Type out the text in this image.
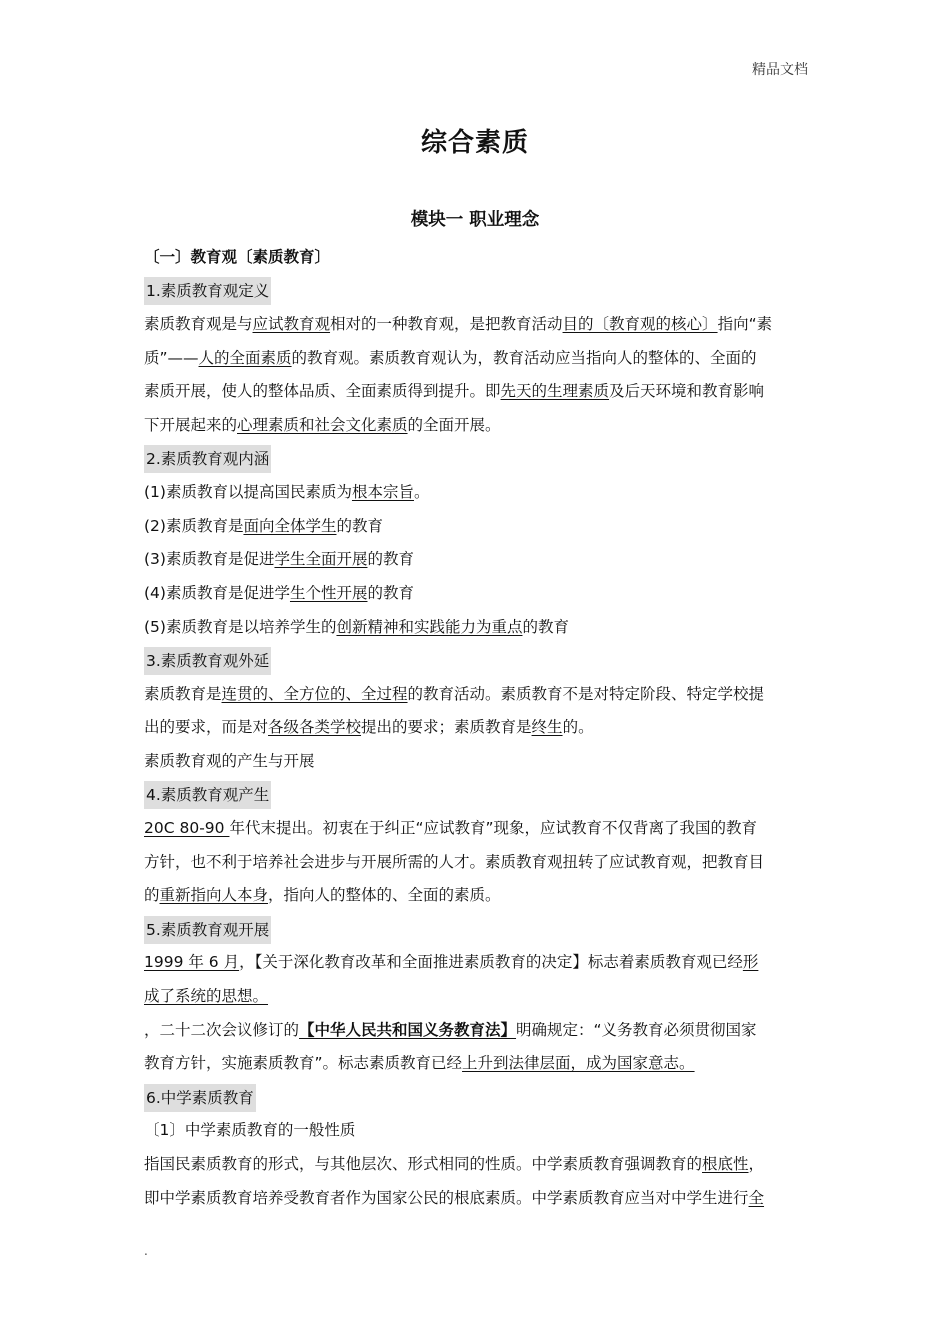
精品文档
综合素质
模块一 职业理念
〔一〕教育观〔素质教育〕
1.素质教育观定义
素质教育观是与应试教育观相对的一种教育观，是把教育活动目的〔教育观的核心〕指向“素
质”——人的全面素质的教育观。素质教育观认为，教育活动应当指向人的整体的、全面的
素质开展，使人的整体品质、全面素质得到提升。即先天的生理素质及后天环境和教育影响
下开展起来的心理素质和社会文化素质的全面开展。
2.素质教育观内涵
(1)素质教育以提高国民素质为根本宗旨。
(2)素质教育是面向全体学生的教育
(3)素质教育是促进学生全面开展的教育
(4)素质教育是促进学生个性开展的教育
(5)素质教育是以培养学生的创新精神和实践能力为重点的教育
3.素质教育观外延
素质教育是连贯的、全方位的、全过程的教育活动。素质教育不是对特定阶段、特定学校提
出的要求，而是对各级各类学校提出的要求；素质教育是终生的。
素质教育观的产生与开展
4.素质教育观产生
20C 80-90 年代末提出。初衷在于纠正“应试教育”现象，应试教育不仅背离了我国的教育
方针，也不利于培养社会进步与开展所需的人才。素质教育观扭转了应试教育观，把教育目
的重新指向人本身，指向人的整体的、全面的素质。
5.素质教育观开展
1999 年 6 月，【关于深化教育改革和全面推进素质教育的决定】标志着素质教育观已经形
成了系统的思想。
，二十二次会议修订的【中华人民共和国义务教育法】明确规定：“义务教育必须贯彻国家
教育方针，实施素质教育”。标志素质教育已经上升到法律层面，成为国家意志。
6.中学素质教育
〔1〕中学素质教育的一般性质
指国民素质教育的形式，与其他层次、形式相同的性质。中学素质教育强调教育的根底性，
即中学素质教育培养受教育者作为国家公民的根底素质。中学素质教育应当对中学生进行全
.
